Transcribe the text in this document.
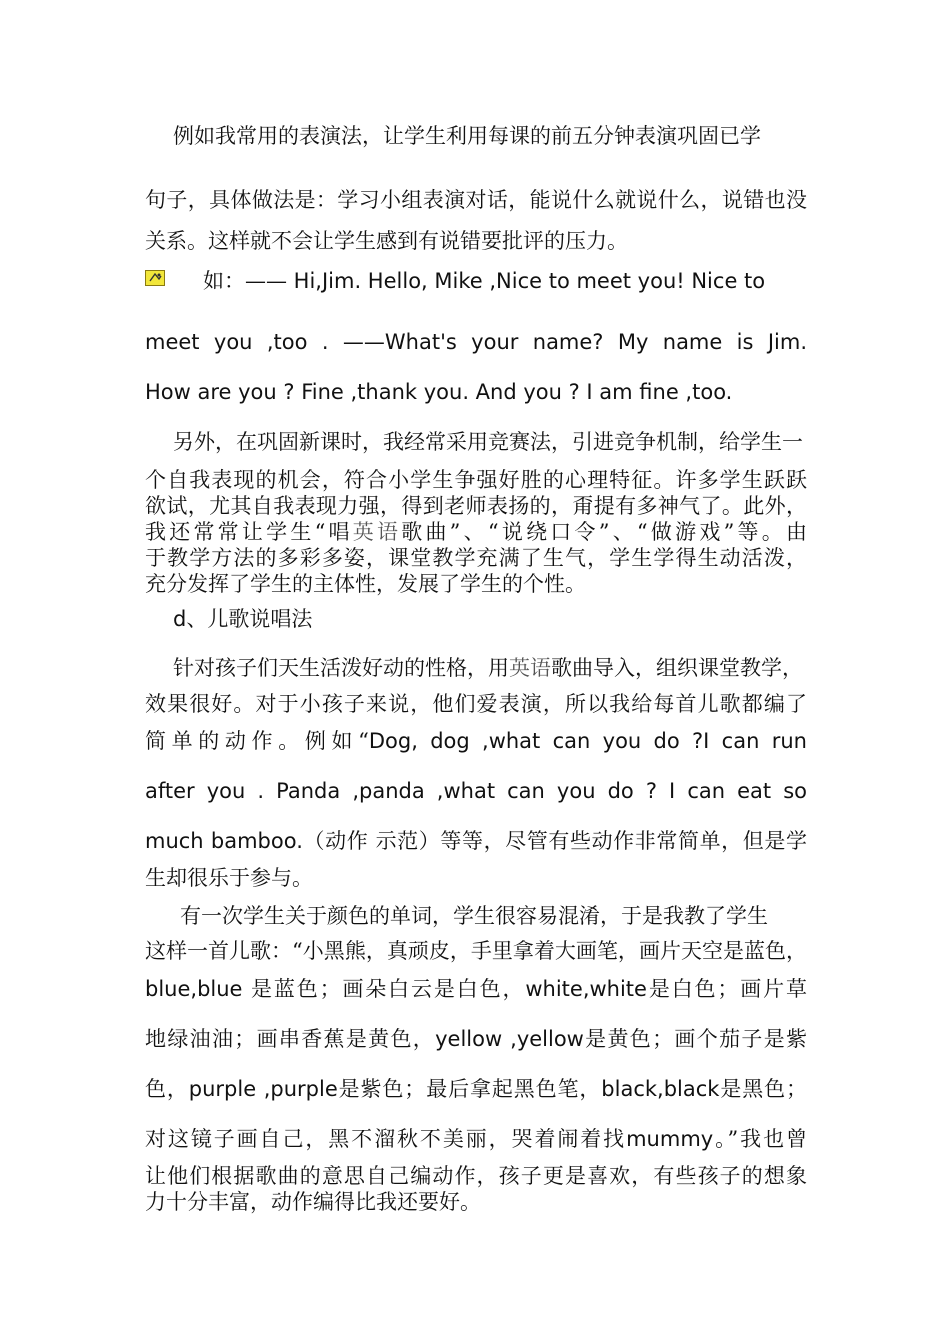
例如我常用的表演法，让学生利用每课的前五分钟表演巩固已学
句子，具体做法是：学习小组表演对话，能说什么就说什么，说错也没
关系。这样就不会让学生感到有说错要批评的压力。
如：—— Hi,Jim. Hello, Mike ,Nice to meet you! Nice to
meet you ,too . ——What's your name? My name is Jim.
How are you ? Fine ,thank you. And you ? I am fine ,too.
另外，在巩固新课时，我经常采用竞赛法，引进竞争机制，给学生一
个自我表现的机会，符合小学生争强好胜的心理特征。许多学生跃跃
欲试，尤其自我表现力强，得到老师表扬的，甭提有多神气了。此外，
我还常常让学生“唱英语歌曲”、“说绕口令”、“做游戏”等。由
于教学方法的多彩多姿，课堂教学充满了生气，学生学得生动活泼，
充分发挥了学生的主体性，发展了学生的个性。
d、儿歌说唱法
针对孩子们天生活泼好动的性格，用英语歌曲导入，组织课堂教学，
效果很好。对于小孩子来说，他们爱表演，所以我给每首儿歌都编了
简单的动作。例如“Dog, dog ,what can you do ?I can run
after you . Panda ,panda ,what can you do ? I can eat so
much bamboo.（动作 示范）等等，尽管有些动作非常简单，但是学
生却很乐于参与。
有一次学生关于颜色的单词，学生很容易混淆，于是我教了学生
这样一首儿歌：“小黑熊，真顽皮，手里拿着大画笔，画片天空是蓝色，
blue,blue 是蓝色；画朵白云是白色，white,white是白色；画片草
地绿油油；画串香蕉是黄色，yellow ,yellow是黄色；画个茄子是紫
色，purple ,purple是紫色；最后拿起黑色笔，black,black是黑色；
对这镜子画自己，黑不溜秋不美丽，哭着闹着找mummy。”我也曾
让他们根据歌曲的意思自己编动作，孩子更是喜欢，有些孩子的想象
力十分丰富，动作编得比我还要好。
